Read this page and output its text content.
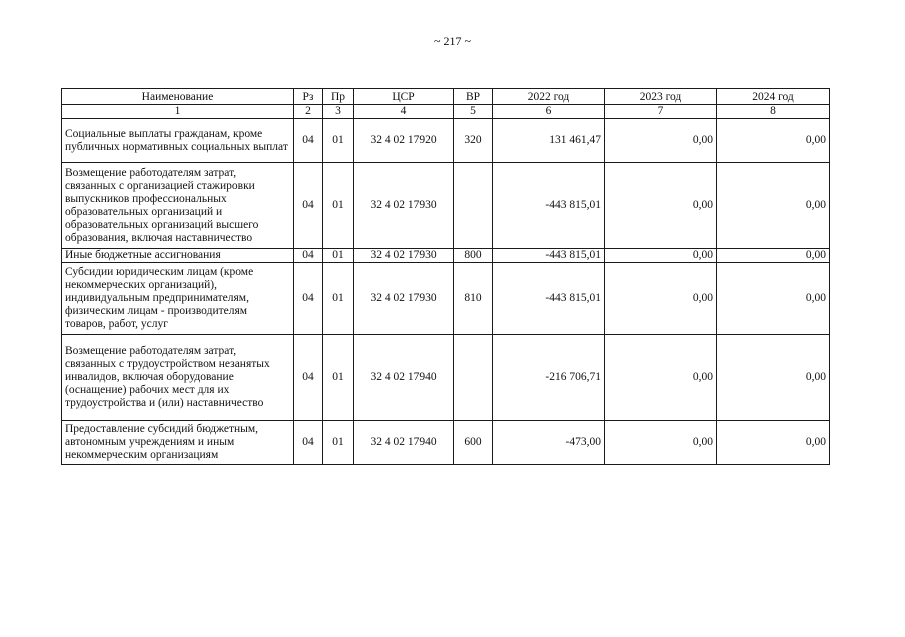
~ 217 ~
Наименование	Рз	Пр	ЦСР	ВР	2022 год	2023 год	2024 год
1	2	3	4	5	6	7	8
Социальные выплаты гражданам, кроме публичных нормативных социальных выплат	04	01	32 4 02 17920	320	131 461,47	0,00	0,00
Возмещение работодателям затрат, связанных с организацией стажировки выпускников профессиональных образовательных организаций и образовательных организаций высшего образования, включая наставничество	04	01	32 4 02 17930		-443 815,01	0,00	0,00
Иные бюджетные ассигнования	04	01	32 4 02 17930	800	-443 815,01	0,00	0,00
Субсидии юридическим лицам (кроме некоммерческих организаций), индивидуальным предпринимателям, физическим лицам - производителям товаров, работ, услуг	04	01	32 4 02 17930	810	-443 815,01	0,00	0,00
Возмещение работодателям затрат, связанных с трудоустройством незанятых инвалидов, включая оборудование (оснащение) рабочих мест для их трудоустройства и (или) наставничество	04	01	32 4 02 17940		-216 706,71	0,00	0,00
Предоставление субсидий бюджетным, автономным учреждениям и иным некоммерческим организациям	04	01	32 4 02 17940	600	-473,00	0,00	0,00
